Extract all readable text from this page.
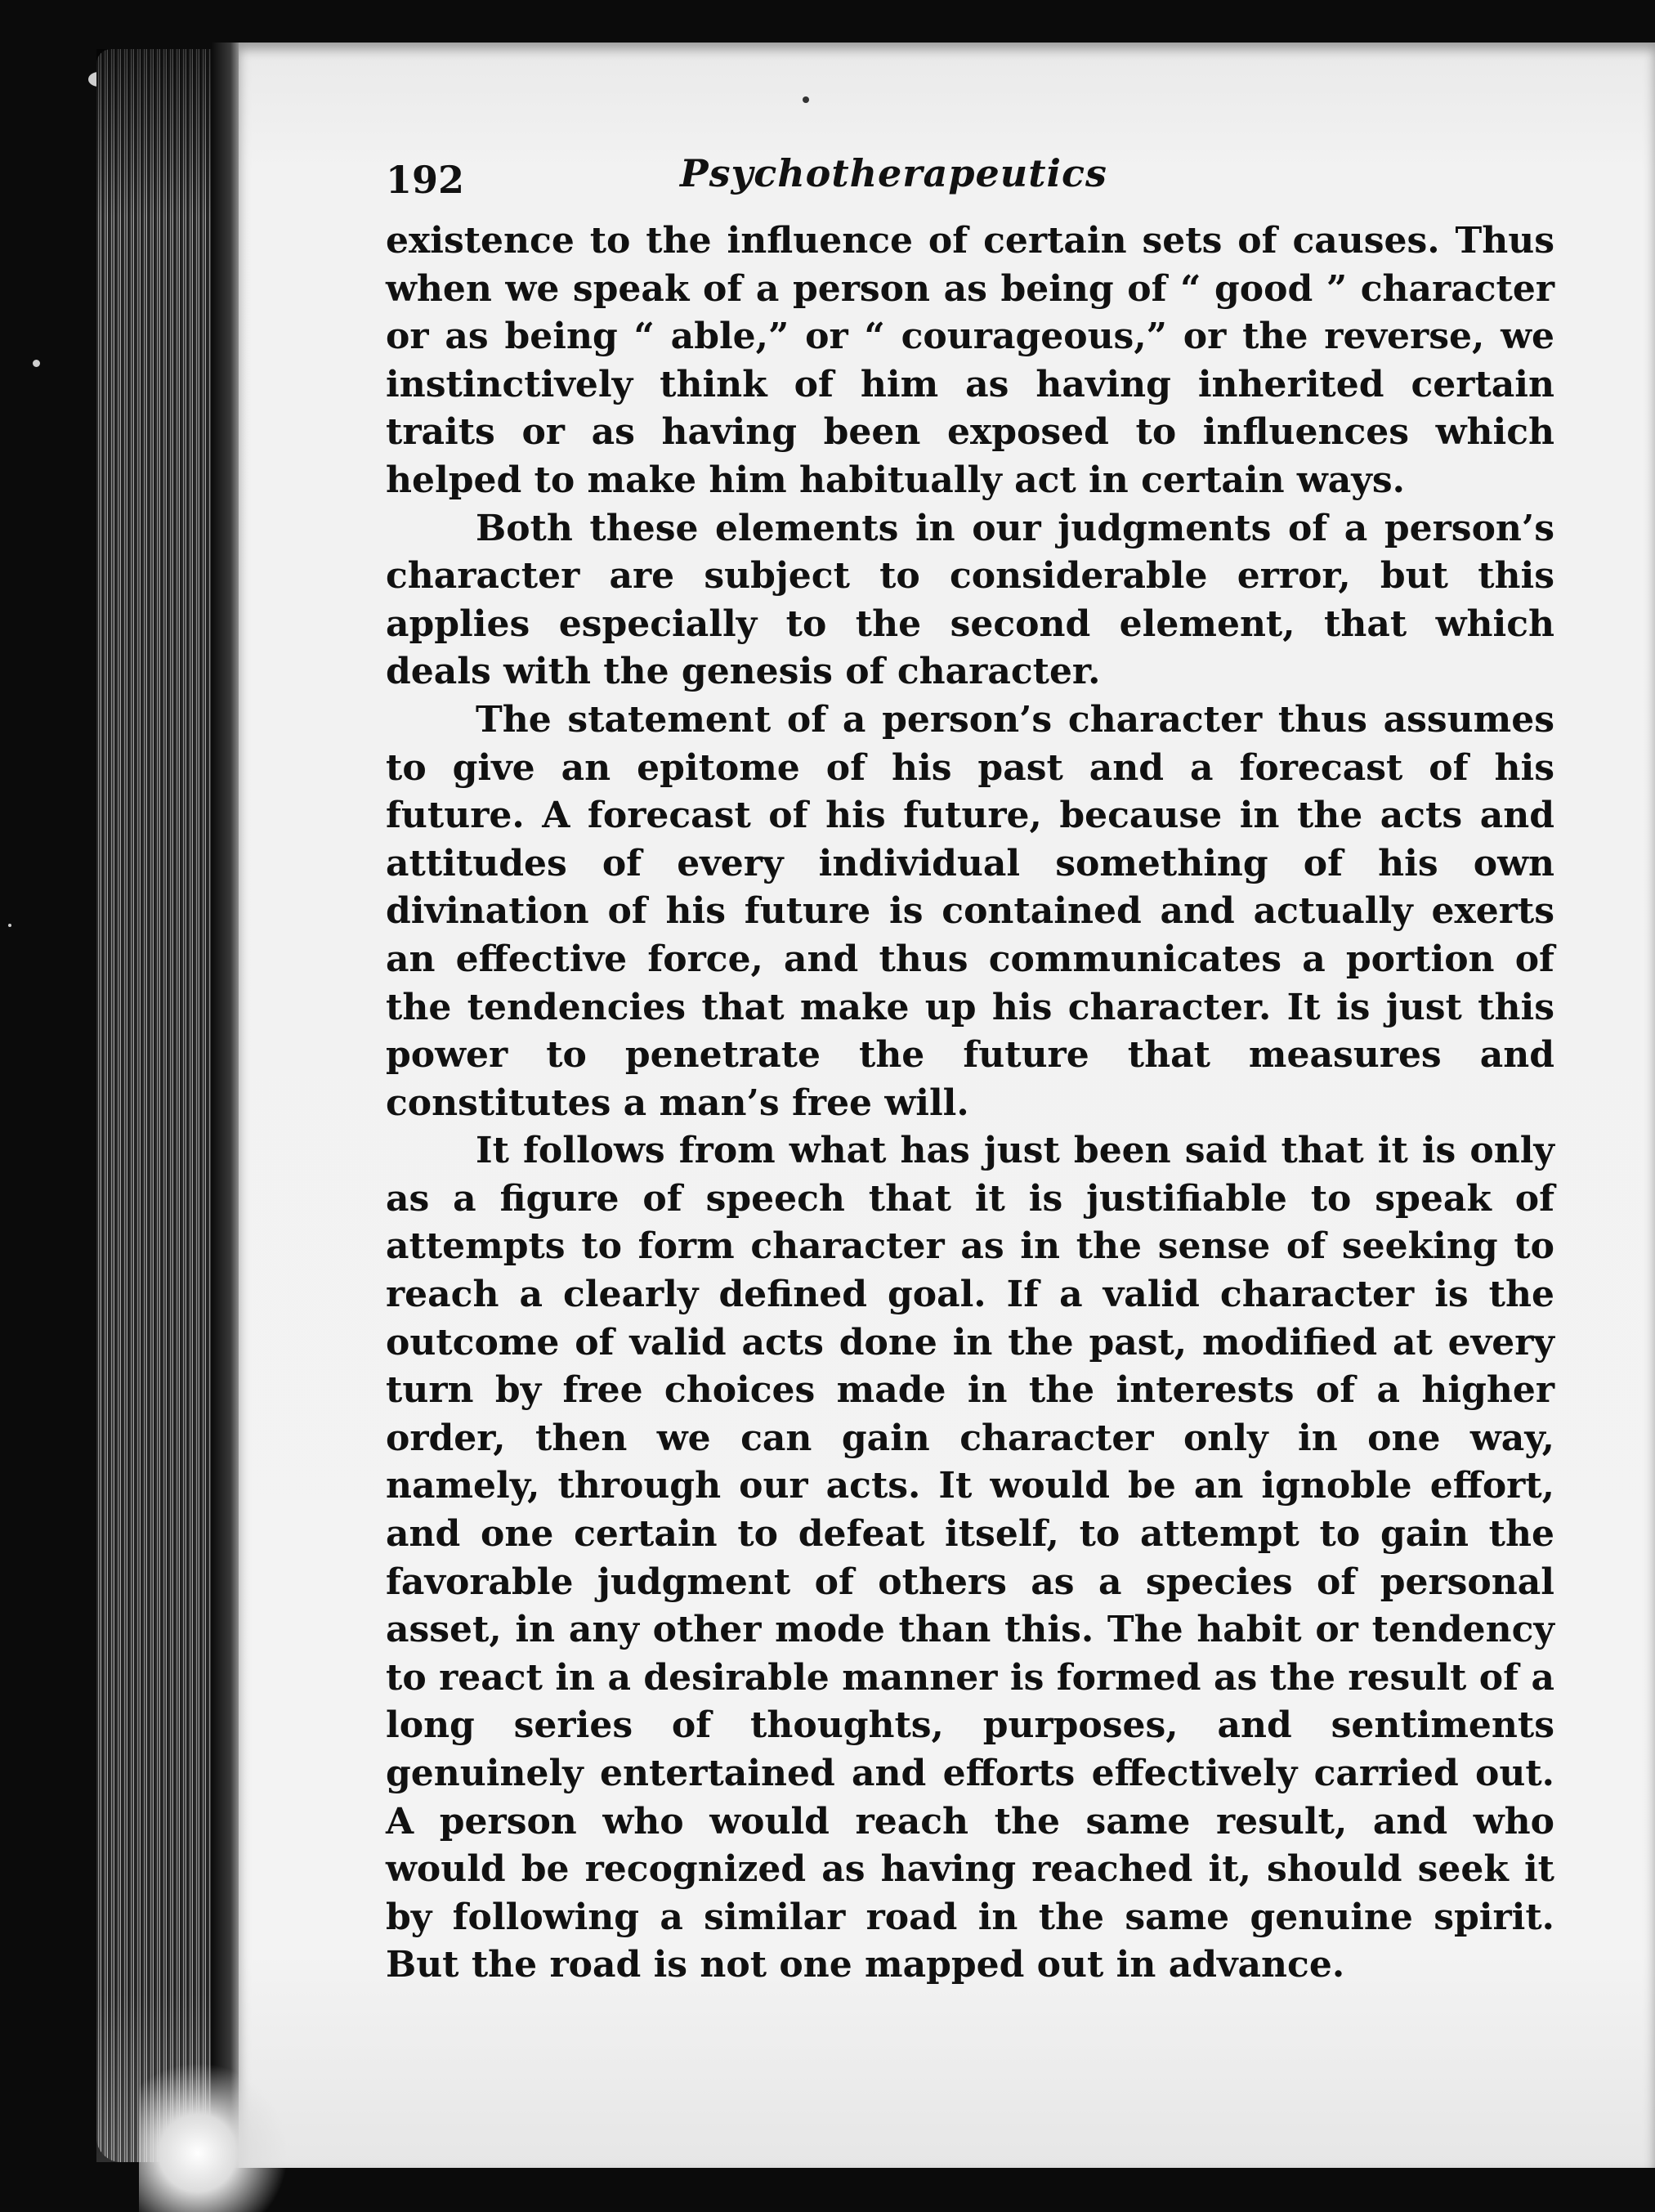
192	Psychotherapeutics

existence to the influence of certain sets of causes. Thus when we speak of a person as being of “ good ” character or as being “ able,” or “ courageous,” or the reverse, we instinctively think of him as having inherited certain traits or as having been exposed to influences which helped to make him habitually act in certain ways.

Both these elements in our judgments of a person’s character are subject to considerable error, but this applies especially to the second element, that which deals with the genesis of character.

The statement of a person’s character thus assumes to give an epitome of his past and a forecast of his future. A forecast of his future, because in the acts and attitudes of every individual something of his own divination of his future is contained and actually exerts an effective force, and thus communicates a portion of the tendencies that make up his character. It is just this power to penetrate the future that measures and constitutes a man’s free will.

It follows from what has just been said that it is only as a figure of speech that it is justifiable to speak of attempts to form character as in the sense of seeking to reach a clearly defined goal. If a valid character is the outcome of valid acts done in the past, modified at every turn by free choices made in the interests of a higher order, then we can gain character only in one way, namely, through our acts. It would be an ignoble effort, and one certain to defeat itself, to attempt to gain the favorable judgment of others as a species of personal asset, in any other mode than this. The habit or tendency to react in a desirable manner is formed as the result of a long series of thoughts, purposes, and sentiments genuinely entertained and efforts effectively carried out. A person who would reach the same result, and who would be recognized as having reached it, should seek it by following a similar road in the same genuine spirit. But the road is not one mapped out in advance.
